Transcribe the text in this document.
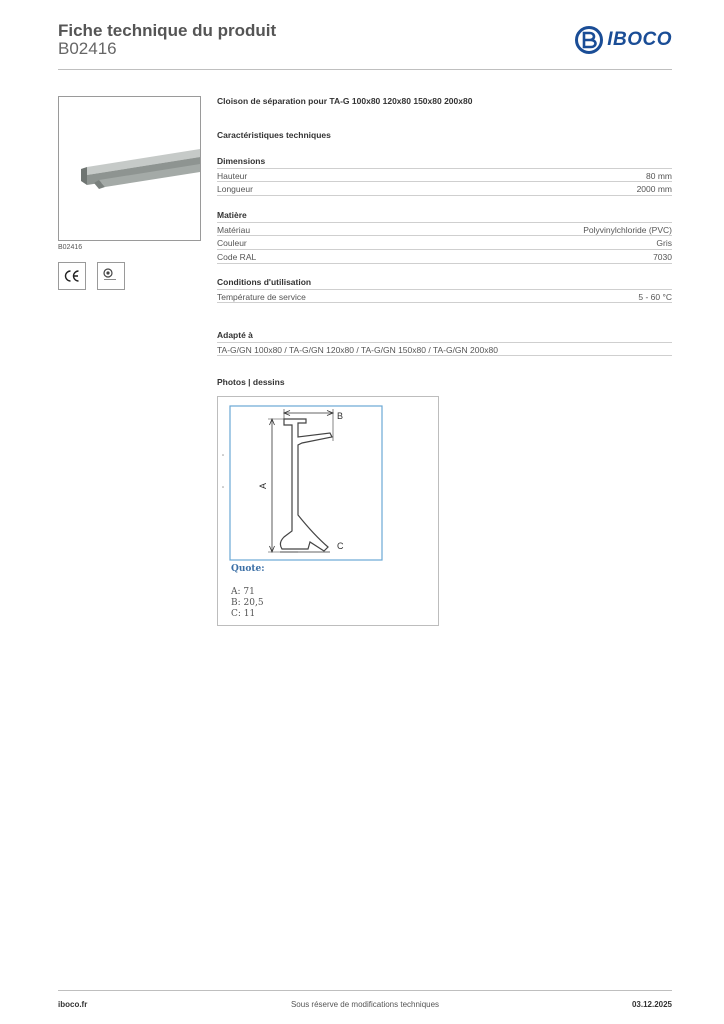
Fiche technique du produit
B02416	IBOCO
B02416
Cloison de séparation pour TA-G 100x80 120x80 150x80 200x80
Caractéristiques techniques
Dimensions
Hauteur	80 mm
Longueur	2000 mm
Matière
Matériau	Polyvinylchloride (PVC)
Couleur	Gris
Code RAL	7030
Conditions d'utilisation
Température de service	5 - 60 °C
Adapté à
TA-G/GN 100x80 / TA-G/GN 120x80 / TA-G/GN 150x80 / TA-G/GN 200x80
Photos | dessins
A
B
C
Quote:
A: 71
B: 20,5
C: 11
iboco.fr	Sous réserve de modifications techniques	03.12.2025
